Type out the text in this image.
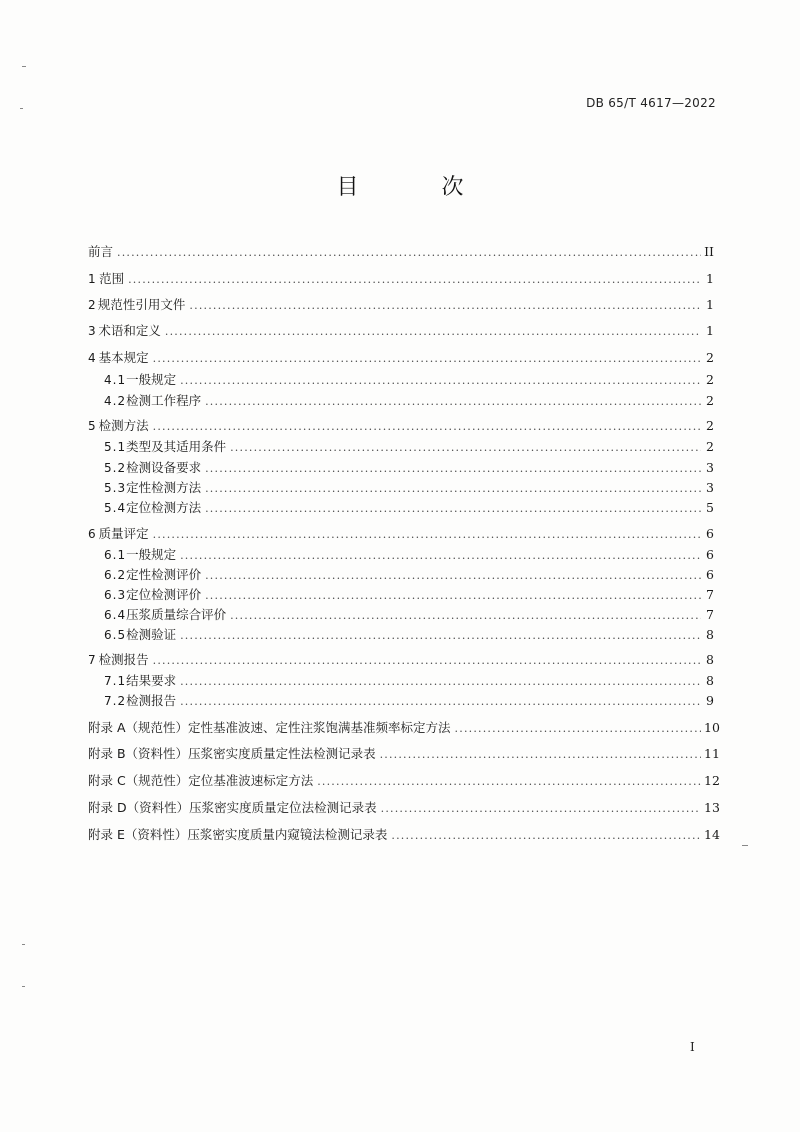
DB 65/T 4617—2022
目 次
前言 .....	II
1 范围 .....	1
2 规范性引用文件 .....	1
3 术语和定义 .....	1
4 基本规定 .....	2
4.1 一般规定 .....	2
4.2 检测工作程序 .....	2
5 检测方法 .....	2
5.1 类型及其适用条件 .....	2
5.2 检测设备要求 .....	3
5.3 定性检测方法 .....	3
5.4 定位检测方法 .....	5
6 质量评定 .....	6
6.1 一般规定 .....	6
6.2 定性检测评价 .....	6
6.3 定位检测评价 .....	7
6.4 压浆质量综合评价 .....	7
6.5 检测验证 .....	8
7 检测报告 .....	8
7.1 结果要求 .....	8
7.2 检测报告 .....	9
附录 A（规范性） 定性基准波速、定性注浆饱满基准频率标定方法 .....	10
附录 B（资料性） 压浆密实度质量定性法检测记录表 .....	11
附录 C（规范性） 定位基准波速标定方法 .....	12
附录 D（资料性） 压浆密实度质量定位法检测记录表 .....	13
附录 E（资料性） 压浆密实度质量内窥镜法检测记录表 .....	14
I
